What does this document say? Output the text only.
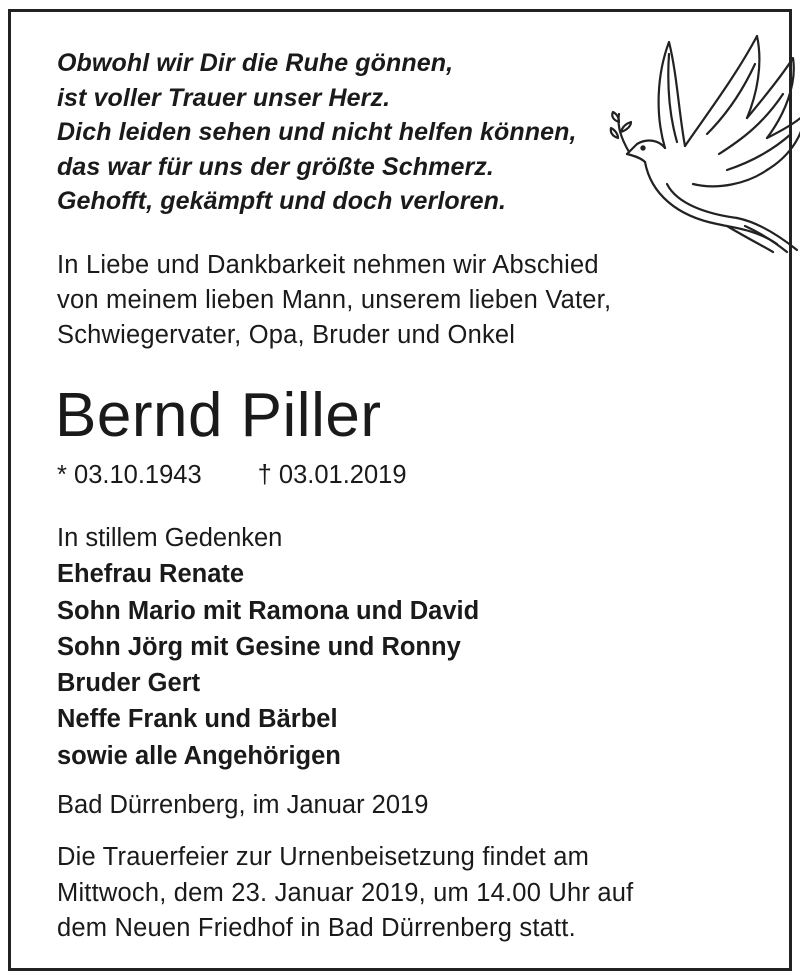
Obwohl wir Dir die Ruhe gönnen,
ist voller Trauer unser Herz.
Dich leiden sehen und nicht helfen können,
das war für uns der größte Schmerz.
Gehofft, gekämpft und doch verloren.
In Liebe und Dankbarkeit nehmen wir Abschied
von meinem lieben Mann, unserem lieben Vater,
Schwiegervater, Opa, Bruder und Onkel
Bernd Piller
* 03.10.1943 † 03.01.2019
In stillem Gedenken
Ehefrau Renate
Sohn Mario mit Ramona und David
Sohn Jörg mit Gesine und Ronny
Bruder Gert
Neffe Frank und Bärbel
sowie alle Angehörigen
Bad Dürrenberg, im Januar 2019
Die Trauerfeier zur Urnenbeisetzung findet am
Mittwoch, dem 23. Januar 2019, um 14.00 Uhr auf
dem Neuen Friedhof in Bad Dürrenberg statt.
